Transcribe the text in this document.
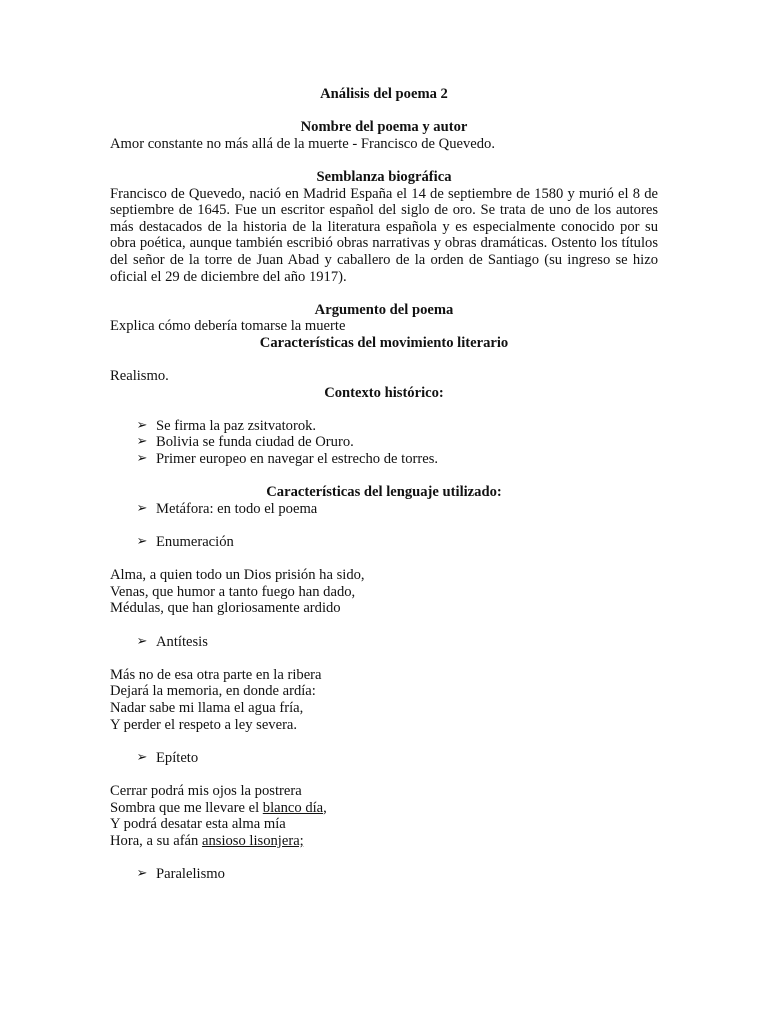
Análisis del poema 2

Nombre del poema y autor

Amor constante no más allá de la muerte - Francisco de Quevedo.

Semblanza biográfica

Francisco de Quevedo, nació en Madrid España el 14 de septiembre de 1580 y murió el 8 de septiembre de 1645. Fue un escritor español del siglo de oro. Se trata de uno de los autores más destacados de la historia de la literatura española y es especialmente conocido por su obra poética, aunque también escribió obras narrativas y obras dramáticas. Ostento los títulos del señor de la torre de Juan Abad y caballero de la orden de Santiago (su ingreso se hizo oficial el 29 de diciembre del año 1917).

Argumento del poema

Explica cómo debería tomarse la muerte

Características del movimiento literario

Realismo.

Contexto histórico:

➢ Se firma la paz zsitvatorok.
➢ Bolivia se funda ciudad de Oruro.
➢ Primer europeo en navegar el estrecho de torres.

Características del lenguaje utilizado:

➢ Metáfora: en todo el poema
➢ Enumeración

Alma, a quien todo un Dios prisión ha sido,

Venas, que humor a tanto fuego han dado,

Médulas, que han gloriosamente ardido

➢ Antítesis

Más no de esa otra parte en la ribera

Dejará la memoria, en donde ardía:

Nadar sabe mi llama el agua fría,

Y perder el respeto a ley severa.

➢ Epíteto

Cerrar podrá mis ojos la postrera

Sombra que me llevare el blanco día,

Y podrá desatar esta alma mía

Hora, a su afán ansioso lisonjera;

➢ Paralelismo
